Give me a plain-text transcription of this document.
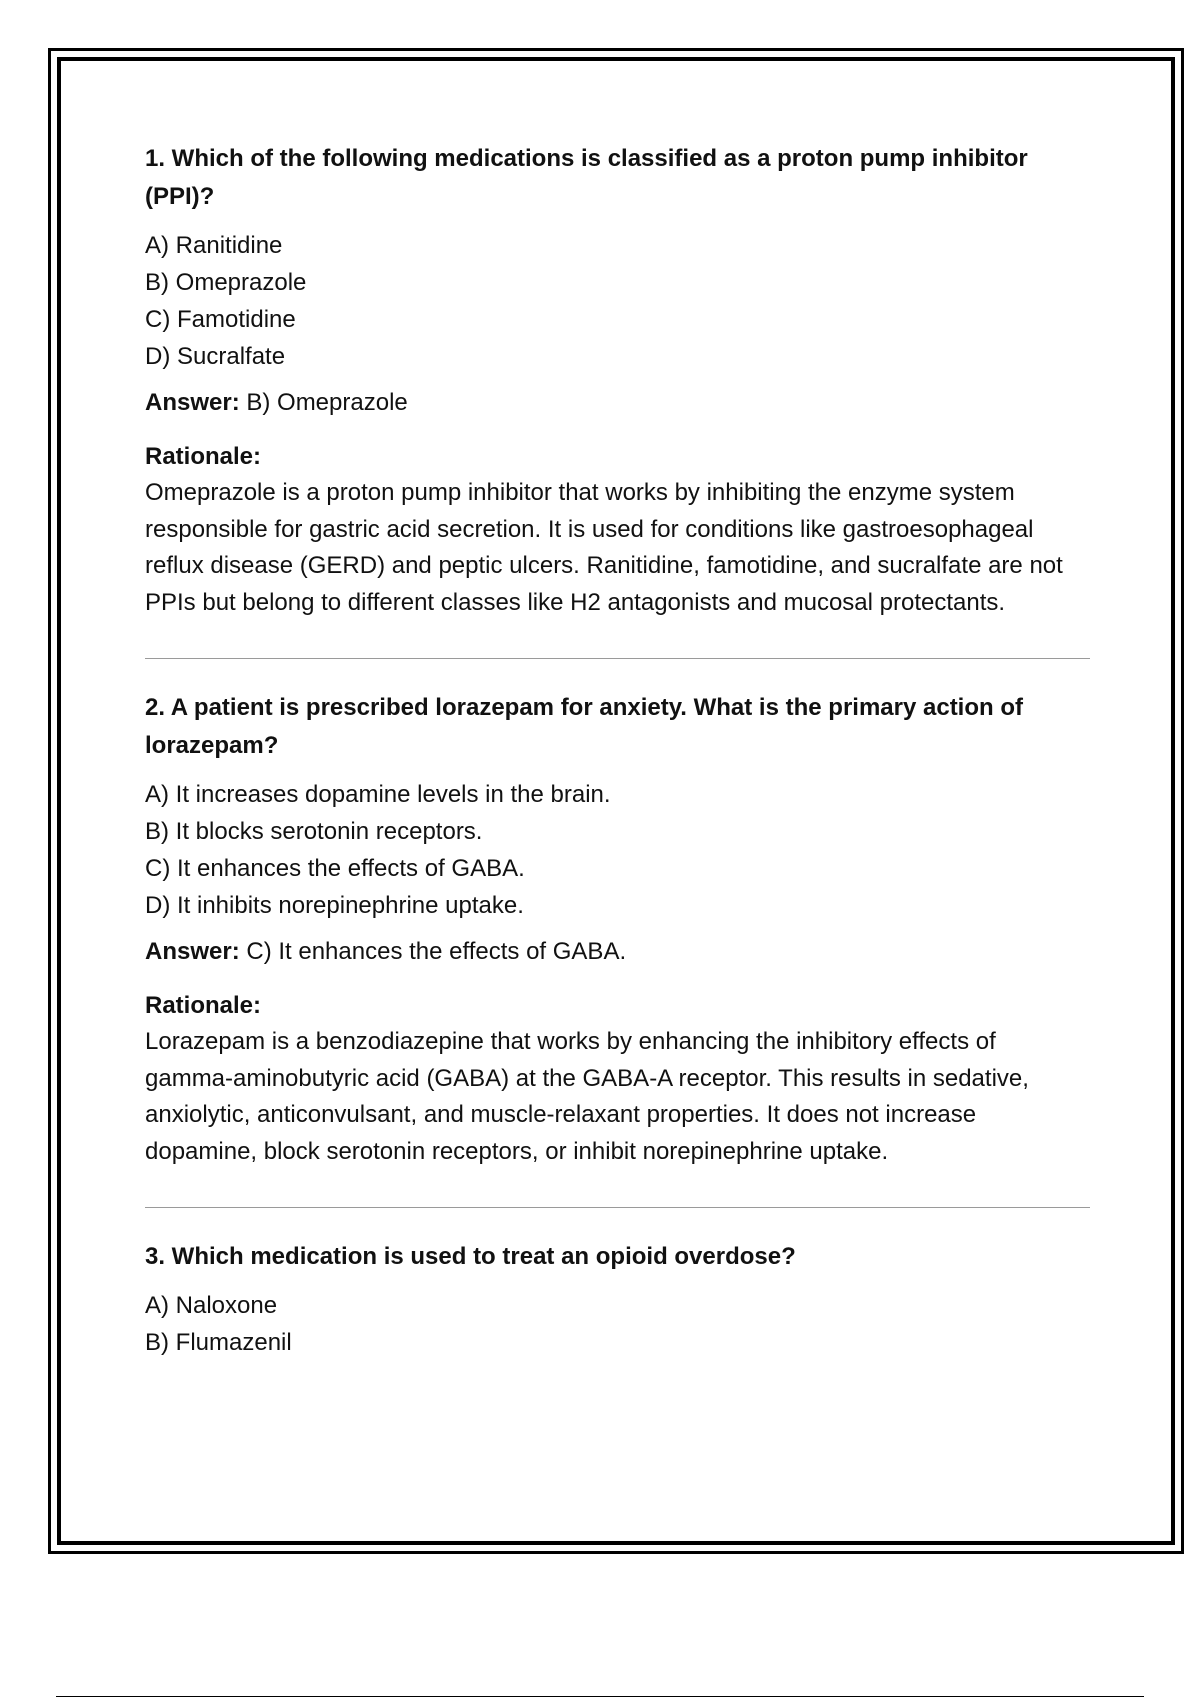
1. Which of the following medications is classified as a proton pump inhibitor (PPI)?

A) Ranitidine
B) Omeprazole
C) Famotidine
D) Sucralfate

Answer: B) Omeprazole

Rationale:

Omeprazole is a proton pump inhibitor that works by inhibiting the enzyme system responsible for gastric acid secretion. It is used for conditions like gastroesophageal reflux disease (GERD) and peptic ulcers. Ranitidine, famotidine, and sucralfate are not PPIs but belong to different classes like H2 antagonists and mucosal protectants.

2. A patient is prescribed lorazepam for anxiety. What is the primary action of lorazepam?

A) It increases dopamine levels in the brain.
B) It blocks serotonin receptors.
C) It enhances the effects of GABA.
D) It inhibits norepinephrine uptake.

Answer: C) It enhances the effects of GABA.

Rationale:

Lorazepam is a benzodiazepine that works by enhancing the inhibitory effects of gamma-aminobutyric acid (GABA) at the GABA-A receptor. This results in sedative, anxiolytic, anticonvulsant, and muscle-relaxant properties. It does not increase dopamine, block serotonin receptors, or inhibit norepinephrine uptake.

3. Which medication is used to treat an opioid overdose?

A) Naloxone
B) Flumazenil
